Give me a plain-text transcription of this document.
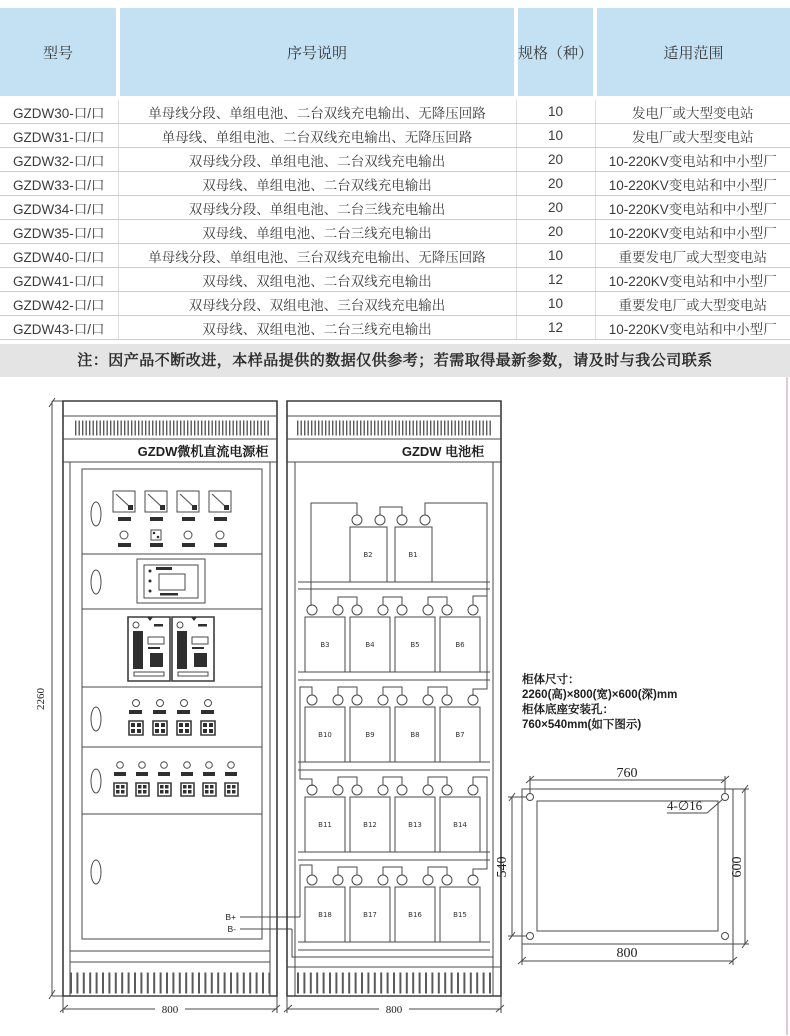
型号	序号说明	规格（种）	适用范围
GZDW30-口/口	单母线分段、单组电池、二台双线充电输出、无降压回路	10	发电厂或大型变电站
GZDW31-口/口	单母线、单组电池、二台双线充电输出、无降压回路	10	发电厂或大型变电站
GZDW32-口/口	双母线分段、单组电池、二台双线充电输出	20	10-220KV变电站和中小型厂
GZDW33-口/口	双母线、单组电池、二台双线充电输出	20	10-220KV变电站和中小型厂
GZDW34-口/口	双母线分段、单组电池、二台三线充电输出	20	10-220KV变电站和中小型厂
GZDW35-口/口	双母线、单组电池、二台三线充电输出	20	10-220KV变电站和中小型厂
GZDW40-口/口	单母线分段、单组电池、三台双线充电输出、无降压回路	10	重要发电厂或大型变电站
GZDW41-口/口	双母线、双组电池、二台双线充电输出	12	10-220KV变电站和中小型厂
GZDW42-口/口	双母线分段、双组电池、三台双线充电输出	10	重要发电厂或大型变电站
GZDW43-口/口	双母线、双组电池、二台三线充电输出	12	10-220KV变电站和中小型厂
注：因产品不断改进，本样品提供的数据仅供参考；若需取得最新参数，请及时与我公司联系
2260
GZDW微机直流电源柜
B+
B-
800
GZDW 电池柜
B2	B1
B3	B4	B5	B6
B10	B9	B8	B7
B11	B12	B13	B14
B18	B17	B16	B15
800
柜体尺寸：
2260(高)×800(宽)×600(深)mm
柜体底座安装孔：
760×540mm(如下图示)
760
800
540	600
4-∅16
